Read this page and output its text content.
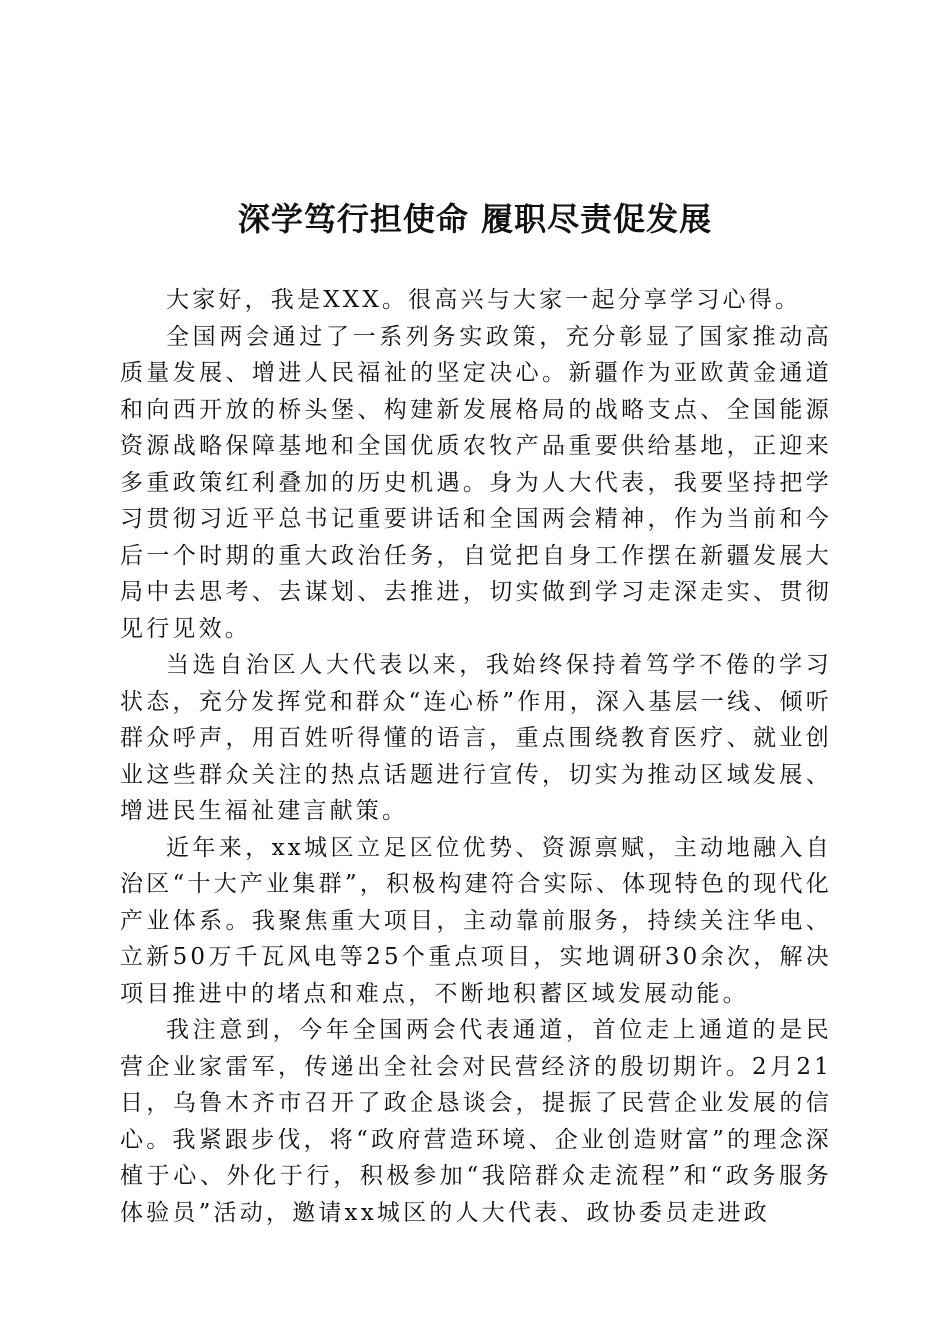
深学笃行担使命 履职尽责促发展

大家好，我是XXX。很高兴与大家一起分享学习心得。

全国两会通过了一系列务实政策，充分彰显了国家推动高质量发展、增进人民福祉的坚定决心。新疆作为亚欧黄金通道和向西开放的桥头堡、构建新发展格局的战略支点、全国能源资源战略保障基地和全国优质农牧产品重要供给基地，正迎来多重政策红利叠加的历史机遇。身为人大代表，我要坚持把学习贯彻习近平总书记重要讲话和全国两会精神，作为当前和今后一个时期的重大政治任务，自觉把自身工作摆在新疆发展大局中去思考、去谋划、去推进，切实做到学习走深走实、贯彻见行见效。

当选自治区人大代表以来，我始终保持着笃学不倦的学习状态，充分发挥党和群众“连心桥”作用，深入基层一线、倾听群众呼声，用百姓听得懂的语言，重点围绕教育医疗、就业创业这些群众关注的热点话题进行宣传，切实为推动区域发展、增进民生福祉建言献策。

近年来，xx城区立足区位优势、资源禀赋，主动地融入自治区“十大产业集群”，积极构建符合实际、体现特色的现代化产业体系。我聚焦重大项目，主动靠前服务，持续关注华电、立新50万千瓦风电等25个重点项目，实地调研30余次，解决项目推进中的堵点和难点，不断地积蓄区域发展动能。

我注意到，今年全国两会代表通道，首位走上通道的是民营企业家雷军，传递出全社会对民营经济的殷切期许。2月21日，乌鲁木齐市召开了政企恳谈会，提振了民营企业发展的信心。我紧跟步伐，将“政府营造环境、企业创造财富”的理念深植于心、外化于行，积极参加“我陪群众走流程”和“政务服务体验员”活动，邀请xx城区的人大代表、政协委员走进政
